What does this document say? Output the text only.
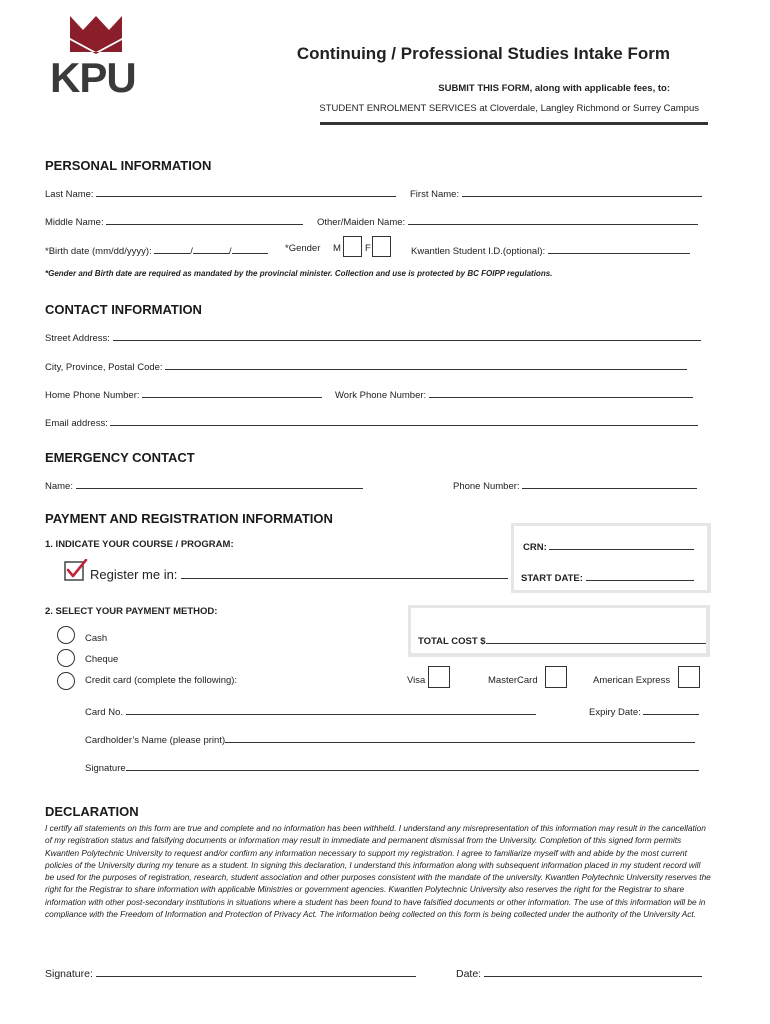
KPU
Continuing / Professional Studies Intake Form
SUBMIT THIS FORM, along with applicable fees, to:
STUDENT ENROLMENT SERVICES at Cloverdale, Langley Richmond or Surrey Campus
PERSONAL INFORMATION
Last Name:	First Name:
Middle Name:	Other/Maiden Name:
*Birth date (mm/dd/yyyy):	/	/	*Gender M	F	Kwantlen Student I.D.(optional):
*Gender and Birth date are required as mandated by the provincial minister. Collection and use is protected by BC FOIPP regulations.
CONTACT INFORMATION
Street Address:
City, Province, Postal Code:
Home Phone Number:	Work Phone Number:
Email address:
EMERGENCY CONTACT
Name:	Phone Number:
PAYMENT AND REGISTRATION INFORMATION
1. INDICATE YOUR COURSE / PROGRAM:	CRN:
Register me in:	START DATE:
2. SELECT YOUR PAYMENT METHOD:
TOTAL COST $
Cash
Cheque
Credit card (complete the following):	Visa	MasterCard	American Express
Card No.	Expiry Date:
Cardholder’s Name (please print)
Signature
DECLARATION
I certify all statements on this form are true and complete and no information has been withheld. I understand any misrepresentation of this information may result in the cancellation of my registration status and falsifying documents or information may result in immediate and permanent dismissal from the University. Completion of this signed form permits Kwantlen Polytechnic University to request and/or confirm any information necessary to support my registration. I agree to familiarize myself with and abide by the most current policies of the University during my tenure as a student. In signing this declaration, I understand this information along with subsequent information placed in my student record will be used for the purposes of registration, research, student association and other purposes consistent with the mandate of the university. Kwantlen Polytechnic University reserves the right for the Registrar to share information with applicable Ministries or government agencies. Kwantlen Polytechnic University also reserves the right for the Registrar to share information with other post-secondary institutions in situations where a student has been found to have falsified documents or other information. The use of this information will be in compliance with the Freedom of Information and Protection of Privacy Act. The information being collected on this form is being collected under the authority of the University Act.
Signature:	Date:
